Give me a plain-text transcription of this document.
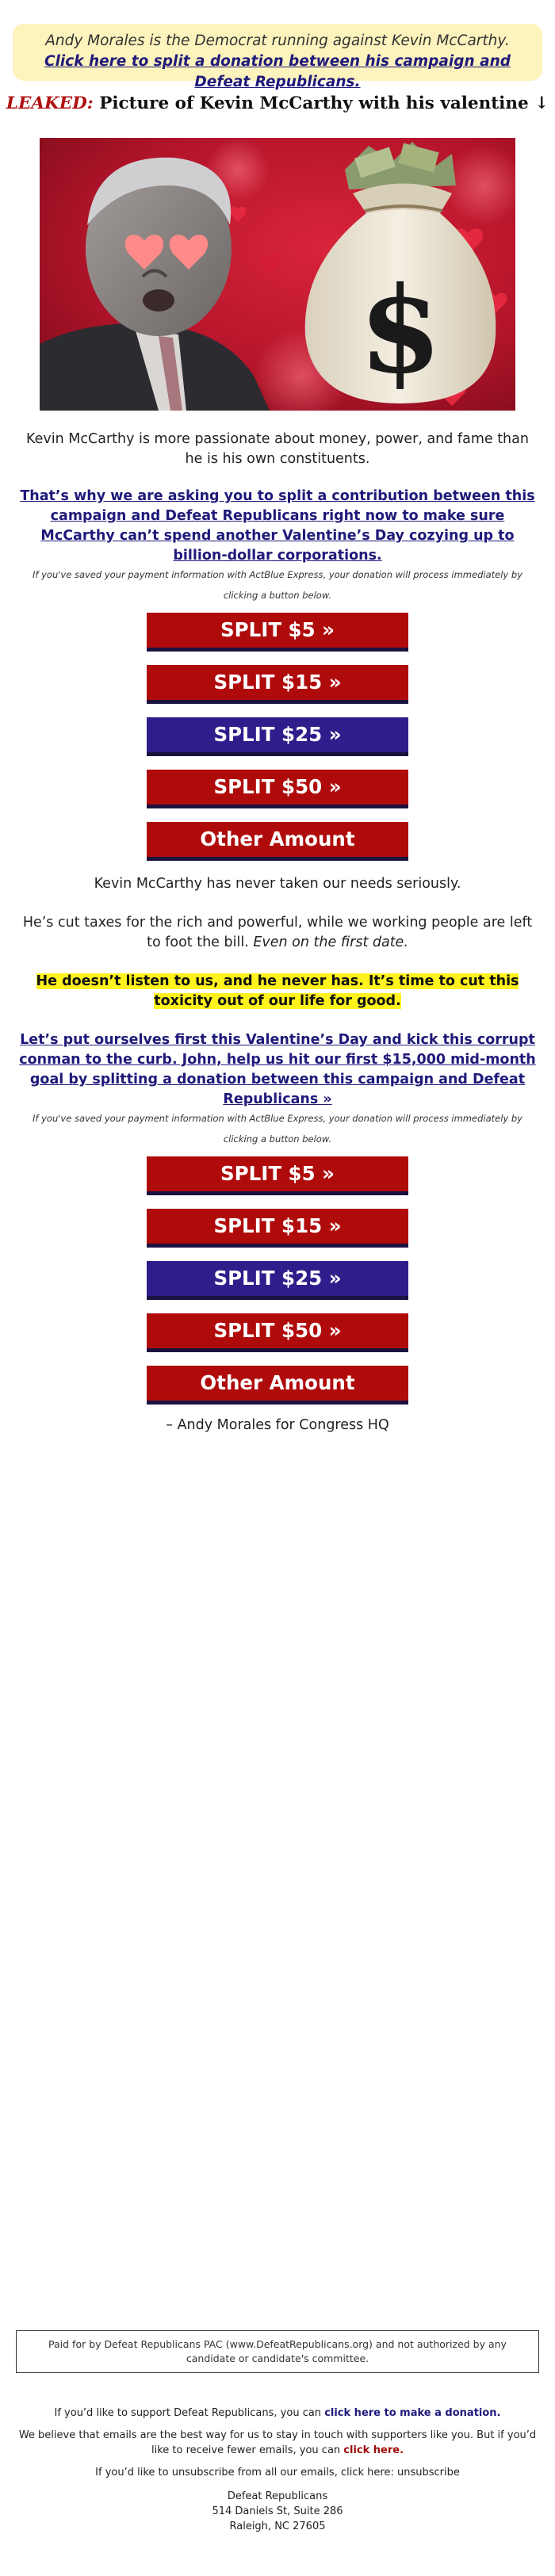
Andy Morales is the Democrat running against Kevin McCarthy. Click here to split a donation between his campaign and Defeat Republicans.
LEAKED: Picture of Kevin McCarthy with his valentine ↓
$

Kevin McCarthy is more passionate about money, power, and fame than he is his own constituents.

That’s why we are asking you to split a contribution between this campaign and Defeat Republicans right now to make sure McCarthy can’t spend another Valentine’s Day cozying up to billion-dollar corporations.

If you've saved your payment information with ActBlue Express, your donation will process immediately by clicking a button below.

SPLIT $5 »
SPLIT $15 »
SPLIT $25 »
SPLIT $50 »
Other Amount

Kevin McCarthy has never taken our needs seriously.

He’s cut taxes for the rich and powerful, while we working people are left to foot the bill. Even on the first date.

He doesn’t listen to us, and he never has. It’s time to cut this toxicity out of our life for good.

Let’s put ourselves first this Valentine’s Day and kick this corrupt conman to the curb. John, help us hit our first $15,000 mid-month goal by splitting a donation between this campaign and Defeat Republicans »

If you've saved your payment information with ActBlue Express, your donation will process immediately by clicking a button below.

SPLIT $5 »
SPLIT $15 »
SPLIT $25 »
SPLIT $50 »
Other Amount
– Andy Morales for Congress HQ
Paid for by Defeat Republicans PAC (www.DefeatRepublicans.org) and not authorized by any candidate or candidate's committee.

If you’d like to support Defeat Republicans, you can click here to make a donation.

We believe that emails are the best way for us to stay in touch with supporters like you. But if you’d like to receive fewer emails, you can click here.

If you’d like to unsubscribe from all our emails, click here: unsubscribe

Defeat Republicans

514 Daniels St, Suite 286

Raleigh, NC 27605
